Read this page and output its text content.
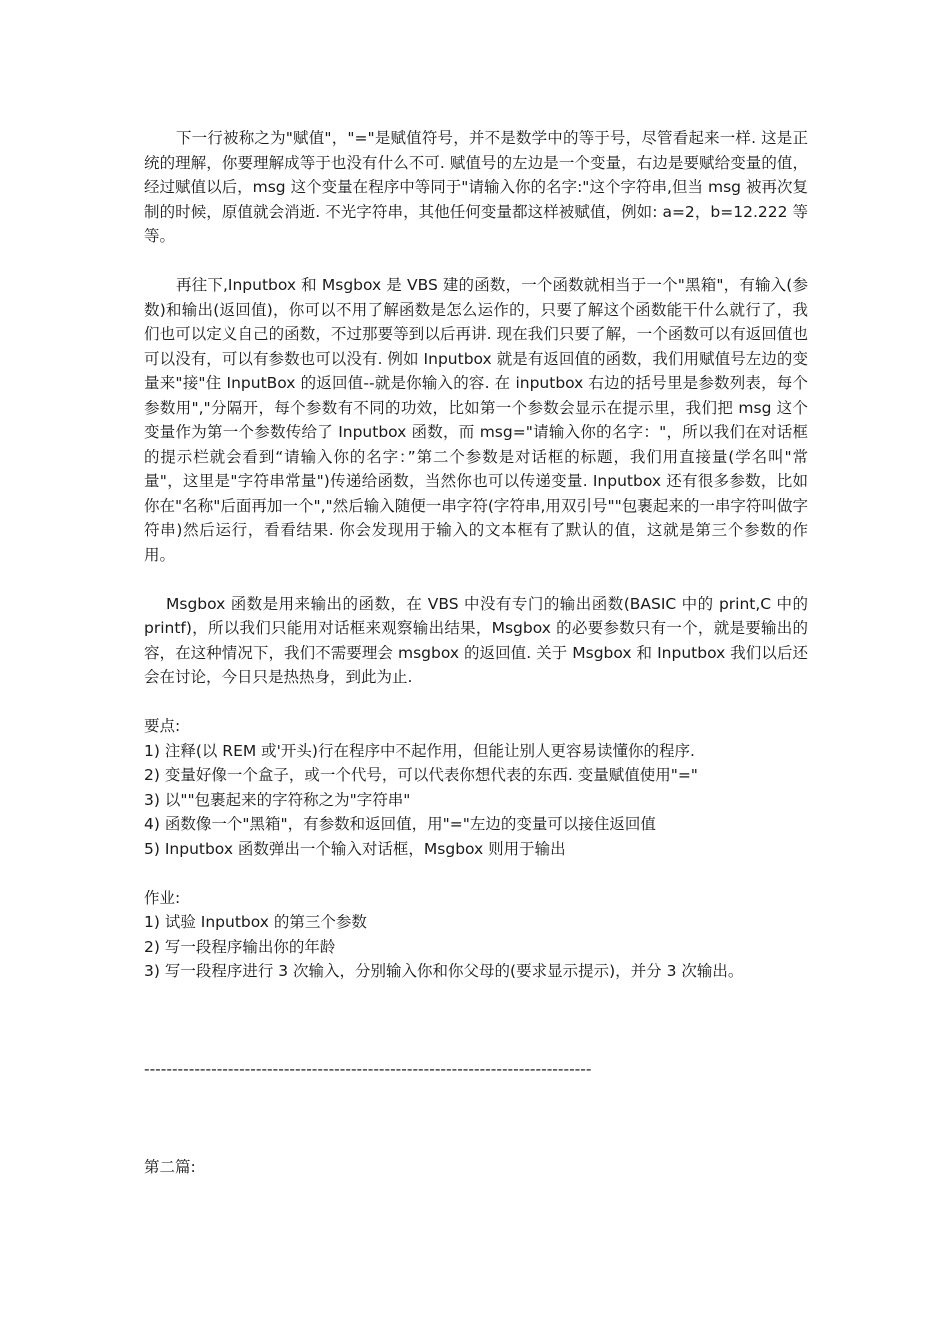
下一行被称之为"赋值"，"="是赋值符号，并不是数学中的等于号，尽管看起来一样. 这是正统的理解，你要理解成等于也没有什么不可. 赋值号的左边是一个变量，右边是要赋给变量的值，经过赋值以后，msg 这个变量在程序中等同于"请输入你的名字:"这个字符串,但当 msg 被再次复制的时候，原值就会消逝. 不光字符串，其他任何变量都这样被赋值，例如: a=2，b=12.222 等等。

再往下,Inputbox 和 Msgbox 是 VBS 建的函数，一个函数就相当于一个"黑箱"，有输入(参数)和输出(返回值)，你可以不用了解函数是怎么运作的，只要了解这个函数能干什么就行了，我们也可以定义自己的函数，不过那要等到以后再讲. 现在我们只要了解，一个函数可以有返回值也可以没有，可以有参数也可以没有. 例如 Inputbox 就是有返回值的函数，我们用赋值号左边的变量来"接"住 InputBox 的返回值--就是你输入的容. 在 inputbox 右边的括号里是参数列表，每个参数用","分隔开，每个参数有不同的功效，比如第一个参数会显示在提示里，我们把 msg 这个变量作为第一个参数传给了 Inputbox 函数，而 msg="请输入你的名字："，所以我们在对话框的提示栏就会看到“请输入你的名字：”第二个参数是对话框的标题，我们用直接量(学名叫"常量"，这里是"字符串常量")传递给函数，当然你也可以传递变量. Inputbox 还有很多参数，比如你在"名称"后面再加一个","然后输入随便一串字符(字符串,用双引号""包裹起来的一串字符叫做字符串)然后运行，看看结果. 你会发现用于输入的文本框有了默认的值，这就是第三个参数的作用。

Msgbox 函数是用来输出的函数，在 VBS 中没有专门的输出函数(BASIC 中的 print,C 中的 printf)，所以我们只能用对话框来观察输出结果，Msgbox 的必要参数只有一个，就是要输出的容，在这种情况下，我们不需要理会 msgbox 的返回值. 关于 Msgbox 和 Inputbox 我们以后还会在讨论，今日只是热热身，到此为止.

要点:

1) 注释(以 REM 或'开头)行在程序中不起作用，但能让别人更容易读懂你的程序.

2) 变量好像一个盒子，或一个代号，可以代表你想代表的东西. 变量赋值使用"="

3) 以""包裹起来的字符称之为"字符串"

4) 函数像一个"黑箱"，有参数和返回值，用"="左边的变量可以接住返回值

5) Inputbox 函数弹出一个输入对话框，Msgbox 则用于输出

作业:

1) 试验 Inputbox 的第三个参数

2) 写一段程序输出你的年龄

3) 写一段程序进行 3 次输入，分别输入你和你父母的(要求显示提示)，并分 3 次输出。

--------------------------------------------------------------------------------

第二篇:
